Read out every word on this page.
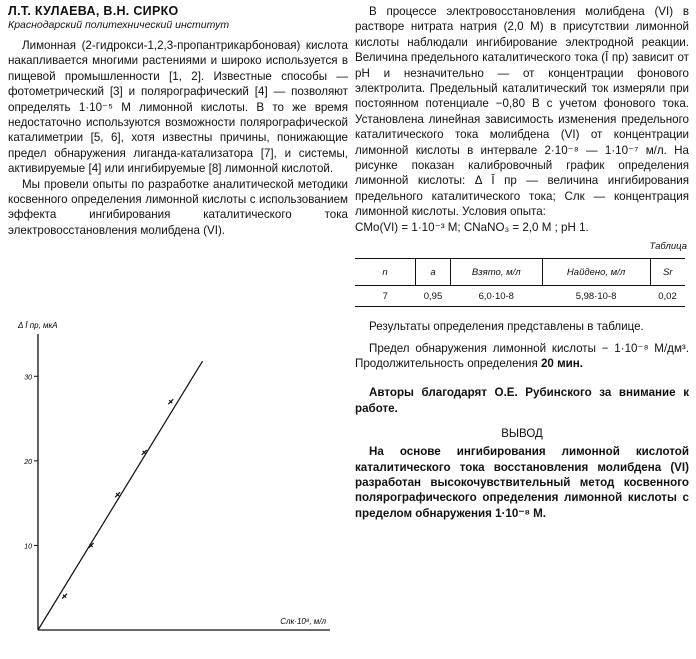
Л.Т. КУЛАЕВА, В.Н. СИРКО

Краснодарский политехнический институт

Лимонная (2-гидрокси-1,2,3-пропантрикарбоновая) кислота накапливается многими растениями и широко используется в пищевой промышленности [1, 2]. Известные способы — фотометрический [3] и полярографический [4] — позволяют определять 1·10⁻⁵ M лимонной кислоты. В то же время недостаточно используются возможности полярографической каталиметрии [5, 6], хотя известны причины, понижающие предел обнаружения лиганда-катализатора [7], и системы, активируемые [4] или ингибируемые [8] лимонной кислотой.

Мы провели опыты по разработке аналитической методики косвенного определения лимонной кислоты с использованием эффекта ингибирования каталитического тока электровосстановления молибдена (VI).

Δ Ī пр, мкА
Cлк·10⁸, м/л
10
20
30

В процессе электровосстановления молибдена (VI) в растворе нитрата натрия (2,0 M) в присутствии лимонной кислоты наблюдали ингибирование электродной реакции. Величина предельного каталитического тока (Ī пр) зависит от pH и незначительно — от концентрации фонового электролита. Предельный каталитический ток измеряли при постоянном потенциале −0,80 В с учетом фонового тока. Установлена линейная зависимость изменения предельного каталитического тока молибдена (VI) от концентрации лимонной кислоты в интервале 2·10⁻⁸ — 1·10⁻⁷ м/л. На рисунке показан калибровочный график определения лимонной кислоты: Δ Ī пр — величина ингибирования предельного каталитического тока; Cлк — концентрация лимонной кислоты. Условия опыта:

CMo(VI) = 1·10⁻³ M; CNaNO₃ = 2,0 M ; pH 1.

Таблица

n	a	Взято, м/л	Найдено, м/л	Sr
7	0,95	6,0·10-8	5,98·10-8	0,02

Результаты определения представлены в таблице.

Предел обнаружения лимонной кислоты − 1·10⁻⁸ M/дм³. Продолжительность определения 20 мин.

Авторы благодарят О.Е. Рубинского за внимание к работе.

ВЫВОД

На основе ингибирования лимонной кислотой каталитического тока восстановления молибдена (VI) разработан высокочувствительный метод косвенного полярографического определения лимонной кислоты с пределом обнаружения 1·10⁻⁸ M.
